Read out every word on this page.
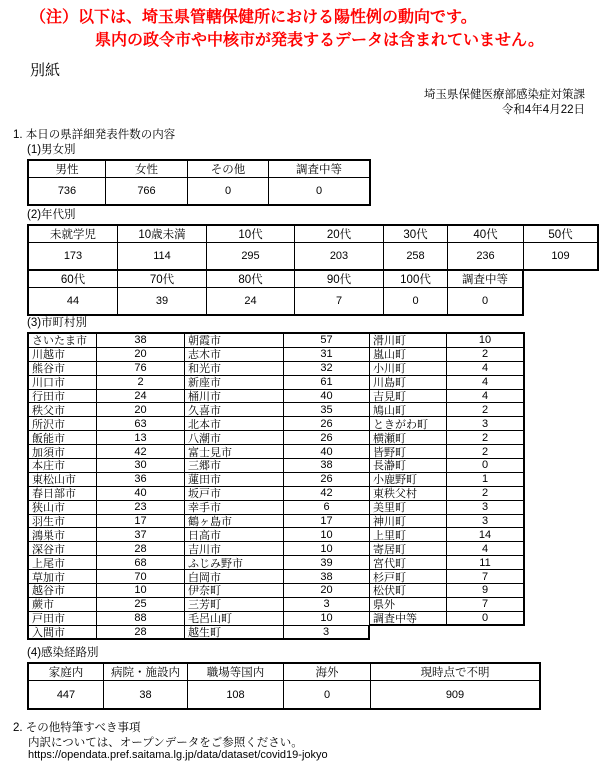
（注）以下は、埼玉県管轄保健所における陽性例の動向です。
県内の政令市や中核市が発表するデータは含まれていません。
別紙
埼玉県保健医療部感染症対策課
令和4年4月22日
1. 本日の県詳細発表件数の内容
(1)男女別
男性	女性	その他	調査中等
736	766	0	0
(2)年代別
未就学児	10歳未満	10代	20代	30代	40代	50代
173	114	295	203	258	236	109
60代	70代	80代	90代	100代	調査中等
44	39	24	7	0	0
(3)市町村別
さいたま市	38	朝霞市	57	滑川町	10
川越市	20	志木市	31	嵐山町	2
熊谷市	76	和光市	32	小川町	4
川口市	2	新座市	61	川島町	4
行田市	24	桶川市	40	吉見町	4
秩父市	20	久喜市	35	鳩山町	2
所沢市	63	北本市	26	ときがわ町	3
飯能市	13	八潮市	26	横瀬町	2
加須市	42	富士見市	40	皆野町	2
本庄市	30	三郷市	38	長瀞町	0
東松山市	36	蓮田市	26	小鹿野町	1
春日部市	40	坂戸市	42	東秩父村	2
狭山市	23	幸手市	6	美里町	3
羽生市	17	鶴ヶ島市	17	神川町	3
鴻巣市	37	日高市	10	上里町	14
深谷市	28	吉川市	10	寄居町	4
上尾市	68	ふじみ野市	39	宮代町	11
草加市	70	白岡市	38	杉戸町	7
越谷市	10	伊奈町	20	松伏町	9
蕨市	25	三芳町	3	県外	7
戸田市	88	毛呂山町	10	調査中等	0
入間市	28	越生町	3
(4)感染経路別
家庭内	病院・施設内	職場等国内	海外	現時点で不明
447	38	108	0	909
2. その他特筆すべき事項
内訳については、オープンデータをご参照ください。
https://opendata.pref.saitama.lg.jp/data/dataset/covid19-jokyo
